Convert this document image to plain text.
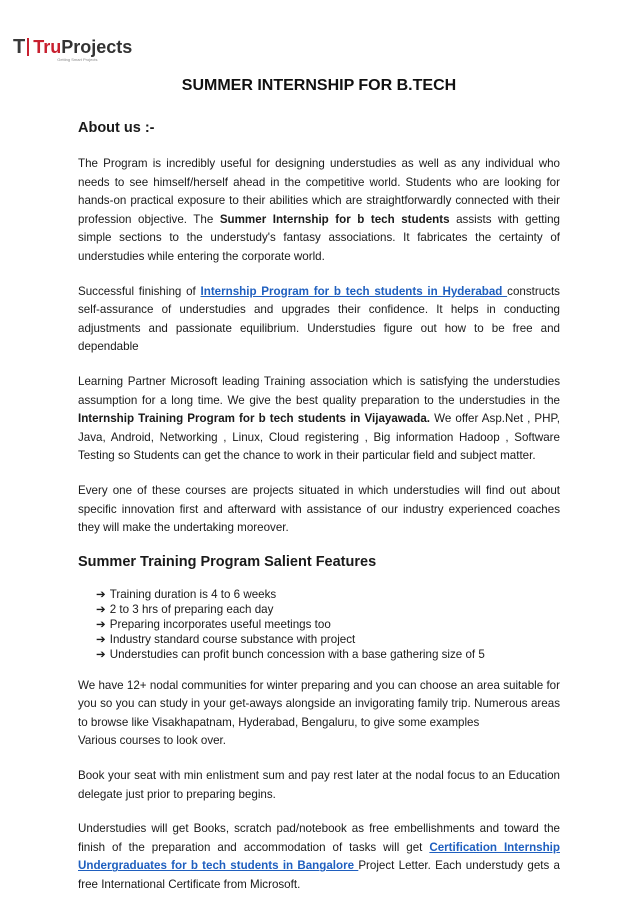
T TruProjects
Getting Smart Projects
SUMMER INTERNSHIP FOR B.TECH
About us :-

The Program is incredibly useful for designing understudies as well as any individual who needs to see himself/herself ahead in the competitive world. Students who are looking for hands-on practical exposure to their abilities which are straightforwardly connected with their profession objective. The Summer Internship for b tech students assists with getting simple sections to the understudy's fantasy associations. It fabricates the certainty of understudies while entering the corporate world.

Successful finishing of Internship Program for b tech students in Hyderabad constructs self-assurance of understudies and upgrades their confidence. It helps in conducting adjustments and passionate equilibrium. Understudies figure out how to be free and dependable

Learning Partner Microsoft leading Training association which is satisfying the understudies assumption for a long time. We give the best quality preparation to the understudies in the Internship Training Program for b tech students in Vijayawada. We offer Asp.Net , PHP, Java, Android, Networking , Linux, Cloud registering , Big information Hadoop , Software Testing so Students can get the chance to work in their particular field and subject matter.

Every one of these courses are projects situated in which understudies will find out about specific innovation first and afterward with assistance of our industry experienced coaches they will make the undertaking moreover.

Summer Training Program Salient Features
➔ Training duration is 4 to 6 weeks
➔ 2 to 3 hrs of preparing each day
➔ Preparing incorporates useful meetings too
➔ Industry standard course substance with project
➔ Understudies can profit bunch concession with a base gathering size of 5

We have 12+ nodal communities for winter preparing and you can choose an area suitable for you so you can study in your get-aways alongside an invigorating family trip. Numerous areas to browse like Visakhapatnam, Hyderabad, Bengaluru, to give some examples
Various courses to look over.

Book your seat with min enlistment sum and pay rest later at the nodal focus to an Education delegate just prior to preparing begins.

Understudies will get Books, scratch pad/notebook as free embellishments and toward the finish of the preparation and accommodation of tasks will get Certification Internship Undergraduates for b tech students in Bangalore Project Letter. Each understudy gets a free International Certificate from Microsoft.
